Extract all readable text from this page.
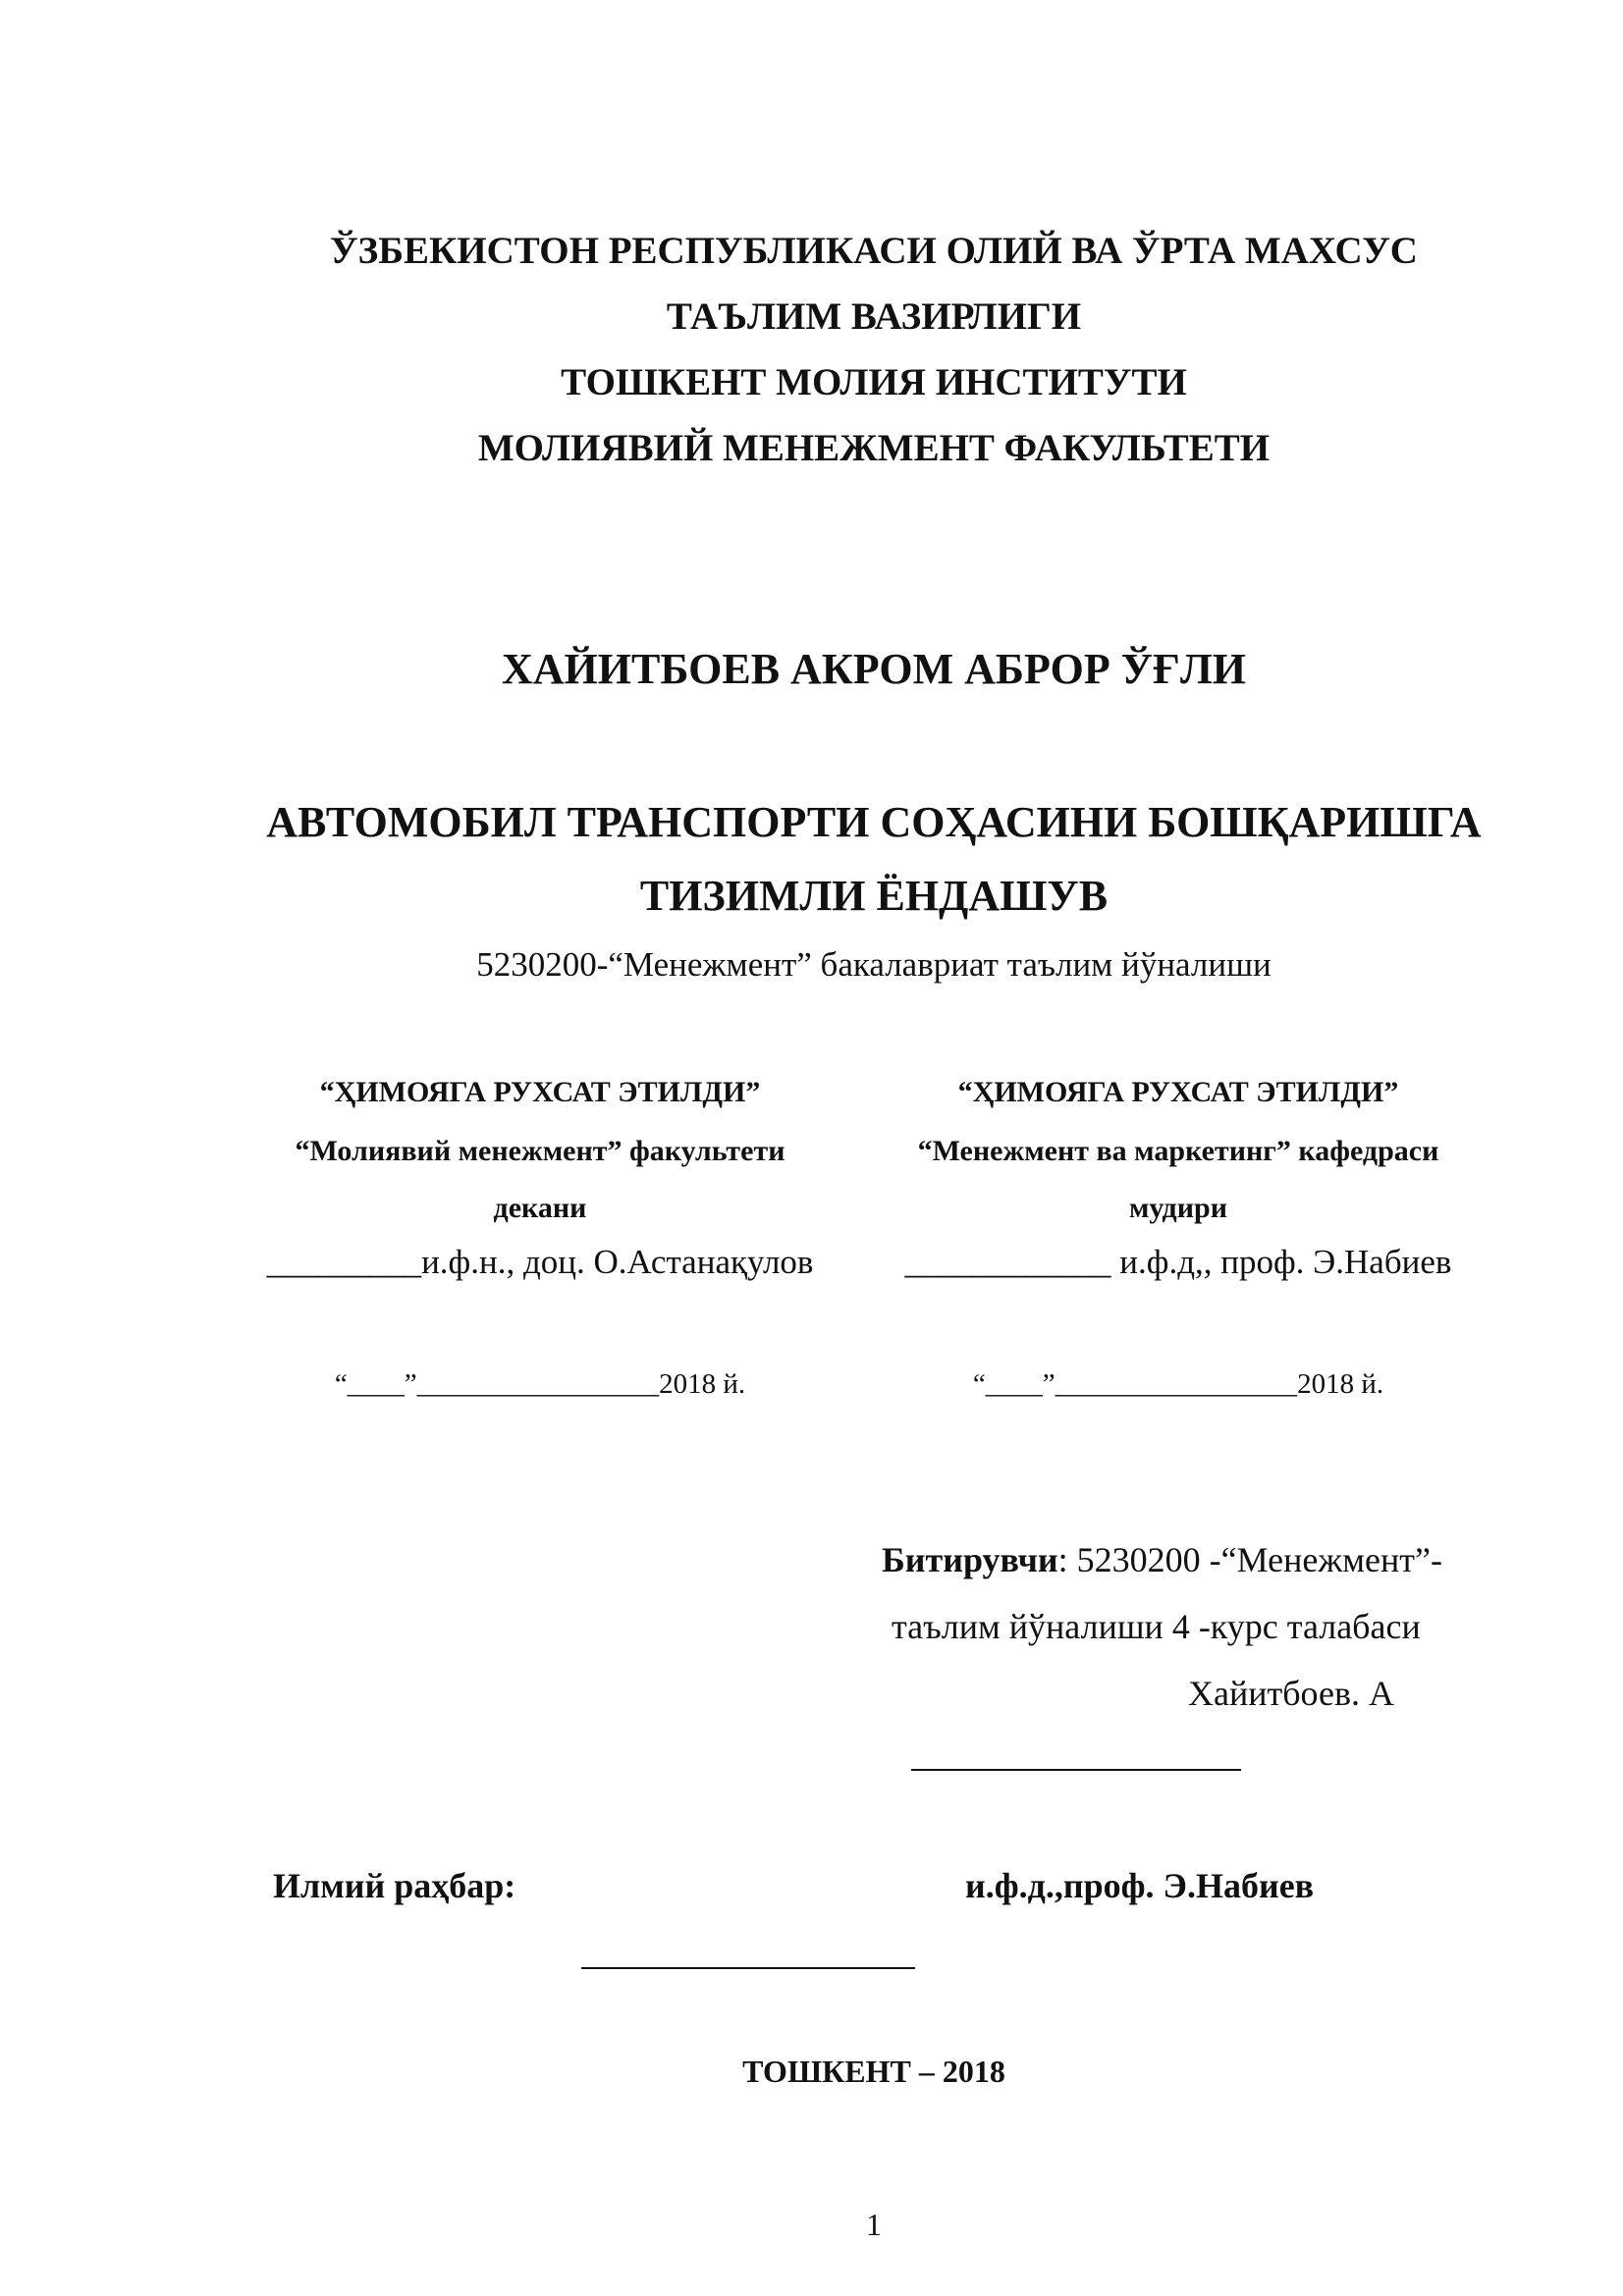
ЎЗБЕКИСТОН РЕСПУБЛИКАСИ ОЛИЙ ВА ЎРТА МАХСУС
ТАЪЛИМ ВАЗИРЛИГИ
ТОШКЕНТ МОЛИЯ ИНСТИТУТИ
МОЛИЯВИЙ МЕНЕЖМЕНТ ФАКУЛЬТЕТИ
ХАЙИТБОЕВ АКРОМ АБРОР ЎҒЛИ
АВТОМОБИЛ ТРАНСПОРТИ СОҲАСИНИ БОШҚАРИШГА
ТИЗИМЛИ ЁНДАШУВ
5230200-“Менежмент” бакалавриат таълим йўналиши
“ҲИМОЯГА РУХСАТ ЭТИЛДИ”
“Молиявий менежмент” факультети
декани
_________и.ф.н., доц. О.Астанақулов
“____”_________________2018 й.
“ҲИМОЯГА РУХСАТ ЭТИЛДИ”
“Менежмент ва маркетинг” кафедраси
мудири
____________ и.ф.д,, проф. Э.Набиев
“____”_________________2018 й.
Битирувчи: 5230200 -“Менежмент”-
таълим йўналиши 4 -курс талабаси
Хайитбоев. А
Илмий раҳбар:	и.ф.д.,проф. Э.Набиев
ТОШКЕНТ – 2018
1
